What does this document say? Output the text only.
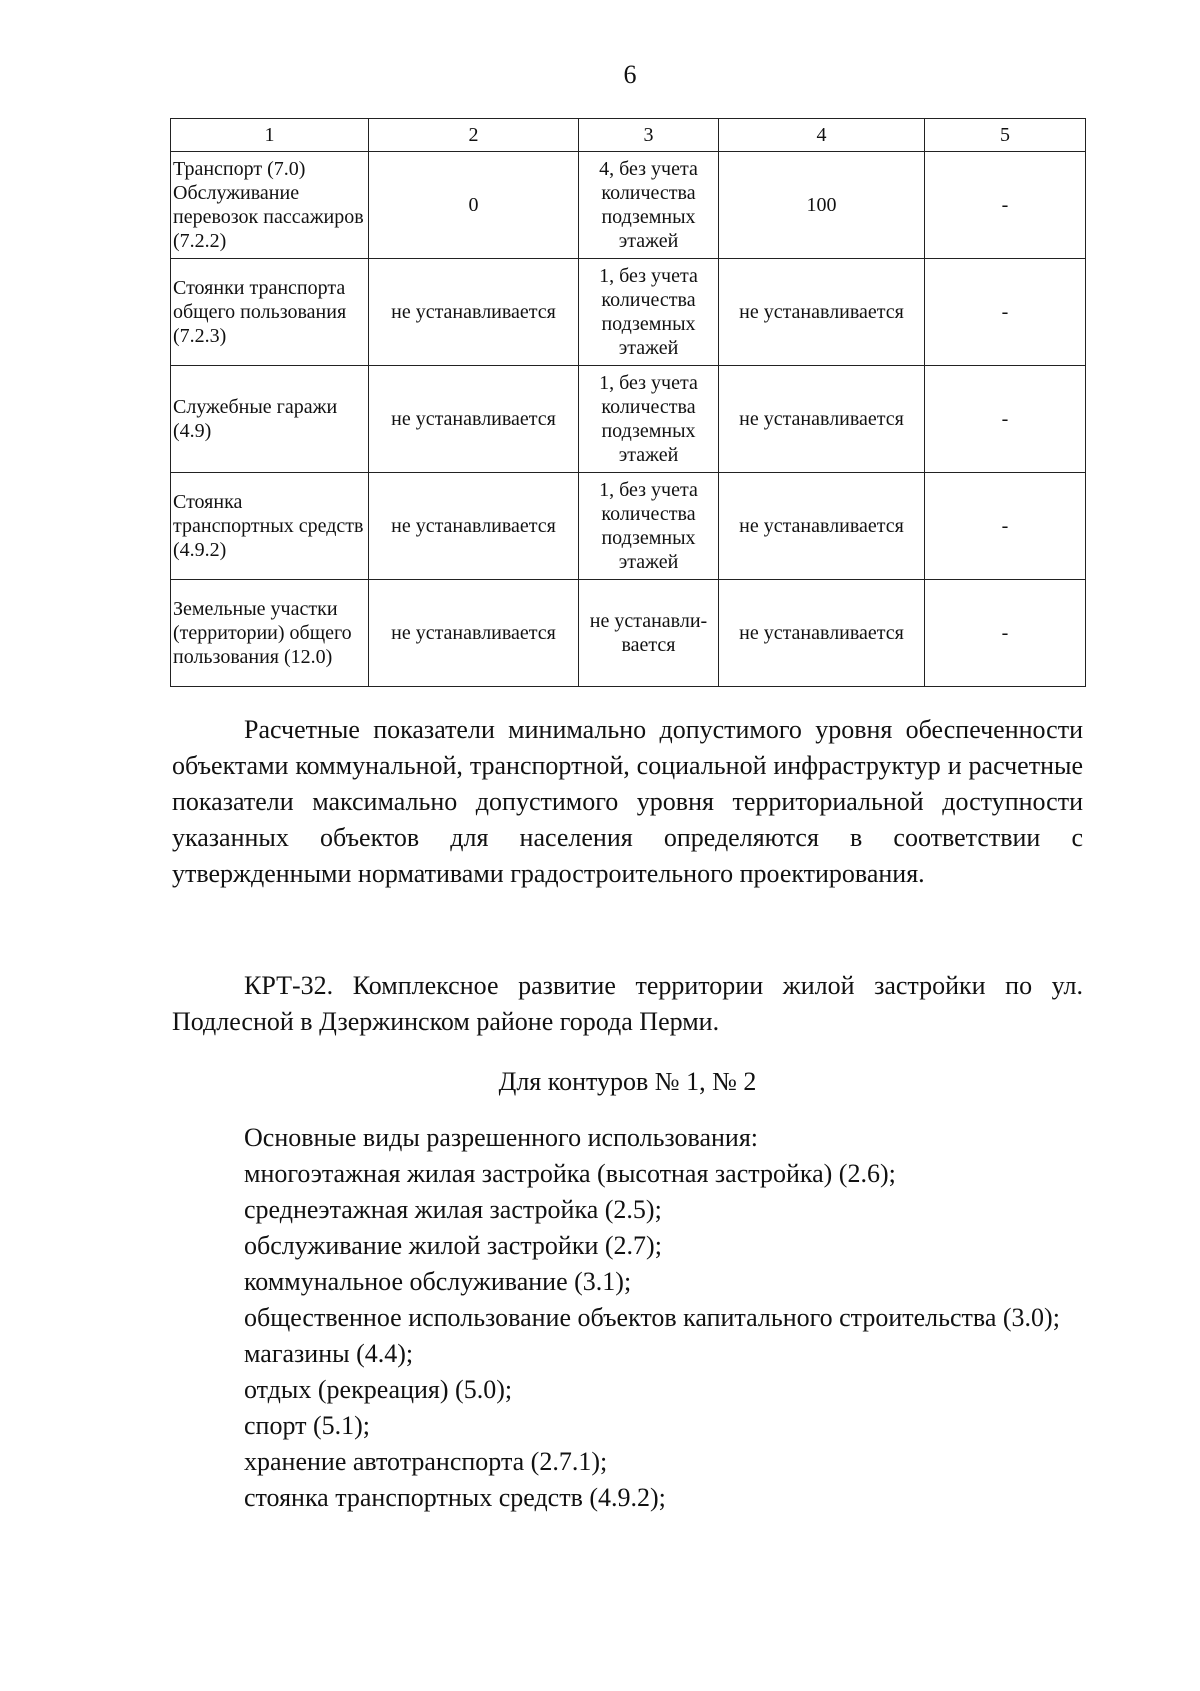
6
1	2	3	4	5
Транспорт (7.0) Обслуживание перевозок пассажиров (7.2.2)	0	4, без учета количества подземных этажей	100	-
Стоянки транспорта общего пользования (7.2.3)	не устанавливается	1, без учета количества подземных этажей	не устанавливается	-
Служебные гаражи (4.9)	не устанавливается	1, без учета количества подземных этажей	не устанавливается	-
Стоянка транспортных средств (4.9.2)	не устанавливается	1, без учета количества подземных этажей	не устанавливается	-
Земельные участки (территории) общего пользования (12.0)	не устанавливается	не устанавли-вается	не устанавливается	-

Расчетные показатели минимально допустимого уровня обеспеченности объектами коммунальной, транспортной, социальной инфраструктур и расчетные показатели максимально допустимого уровня территориальной доступности указанных объектов для населения определяются в соответствии с утвержденными нормативами градостроительного проектирования.

КРТ-32. Комплексное развитие территории жилой застройки по ул. Подлесной в Дзержинском районе города Перми.

Для контуров № 1, № 2
Основные виды разрешенного использования:
многоэтажная жилая застройка (высотная застройка) (2.6);
среднеэтажная жилая застройка (2.5);
обслуживание жилой застройки (2.7);
коммунальное обслуживание (3.1);
общественное использование объектов капитального строительства (3.0);
магазины (4.4);
отдых (рекреация) (5.0);
спорт (5.1);
хранение автотранспорта (2.7.1);
стоянка транспортных средств (4.9.2);
